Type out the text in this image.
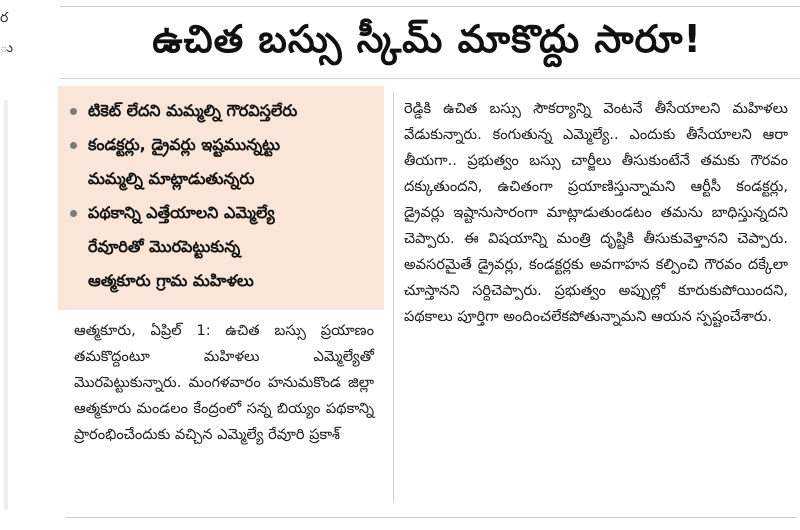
ర
ు	ఉచిత బస్సు స్కీమ్ మాకొద్దు సారూ!
టికెట్ లేదని మమ్మల్ని గౌరవిస్తలేరు
కండక్టర్లు, డ్రైవర్లు ఇష్టమున్నట్టు
మమ్మల్ని మాట్లాడుతున్నరు
పథకాన్ని ఎత్తేయాలని ఎమ్మెల్యే
రేవూరితో మొరపెట్టుకున్న
ఆత్మకూరు గ్రామ మహిళలు

ఆత్మకూరు, ఏప్రిల్ 1: ఉచిత బస్సు ప్రయాణం తమకొద్దంటూ మహిళలు ఎమ్మెల్యేతో మొరపెట్టుకున్నారు. మంగళవారం హనుమకొండ జిల్లా ఆత్మకూరు మండలం కేంద్రంలో సన్న బియ్యం పథకాన్ని ప్రారంభించేందుకు వచ్చిన ఎమ్మెల్యే రేవూరి ప్రకాశ్

రెడ్డికి ఉచిత బస్సు సౌకర్యాన్ని వెంటనే తీసేయాలని మహిళలు వేడుకున్నారు. కంగుతున్న ఎమ్మెల్యే.. ఎందుకు తీసేయాలని ఆరా తీయగా.. ప్రభుత్వం బస్సు చార్జీలు తీసుకుంటేనే తమకు గౌరవం దక్కుతుందని, ఉచితంగా ప్రయాణిస్తున్నామని ఆర్టీసీ కండక్టర్లు, డ్రైవర్లు ఇష్టానుసారంగా మాట్లాడుతుండటం తమను బాధిస్తున్నదని చెప్పారు. ఈ విషయాన్ని మంత్రి దృష్టికి తీసుకువెళ్తానని చెప్పారు. అవసరమైతే డ్రైవర్లు, కండక్టర్లకు అవగాహన కల్పించి గౌరవం దక్కేలా చూస్తానని సర్దిచెప్పారు. ప్రభుత్వం అప్పుల్లో కూరుకుపోయిందని, పథకాలు పూర్తిగా అందించలేకపోతున్నామని ఆయన స్పష్టంచేశారు.
